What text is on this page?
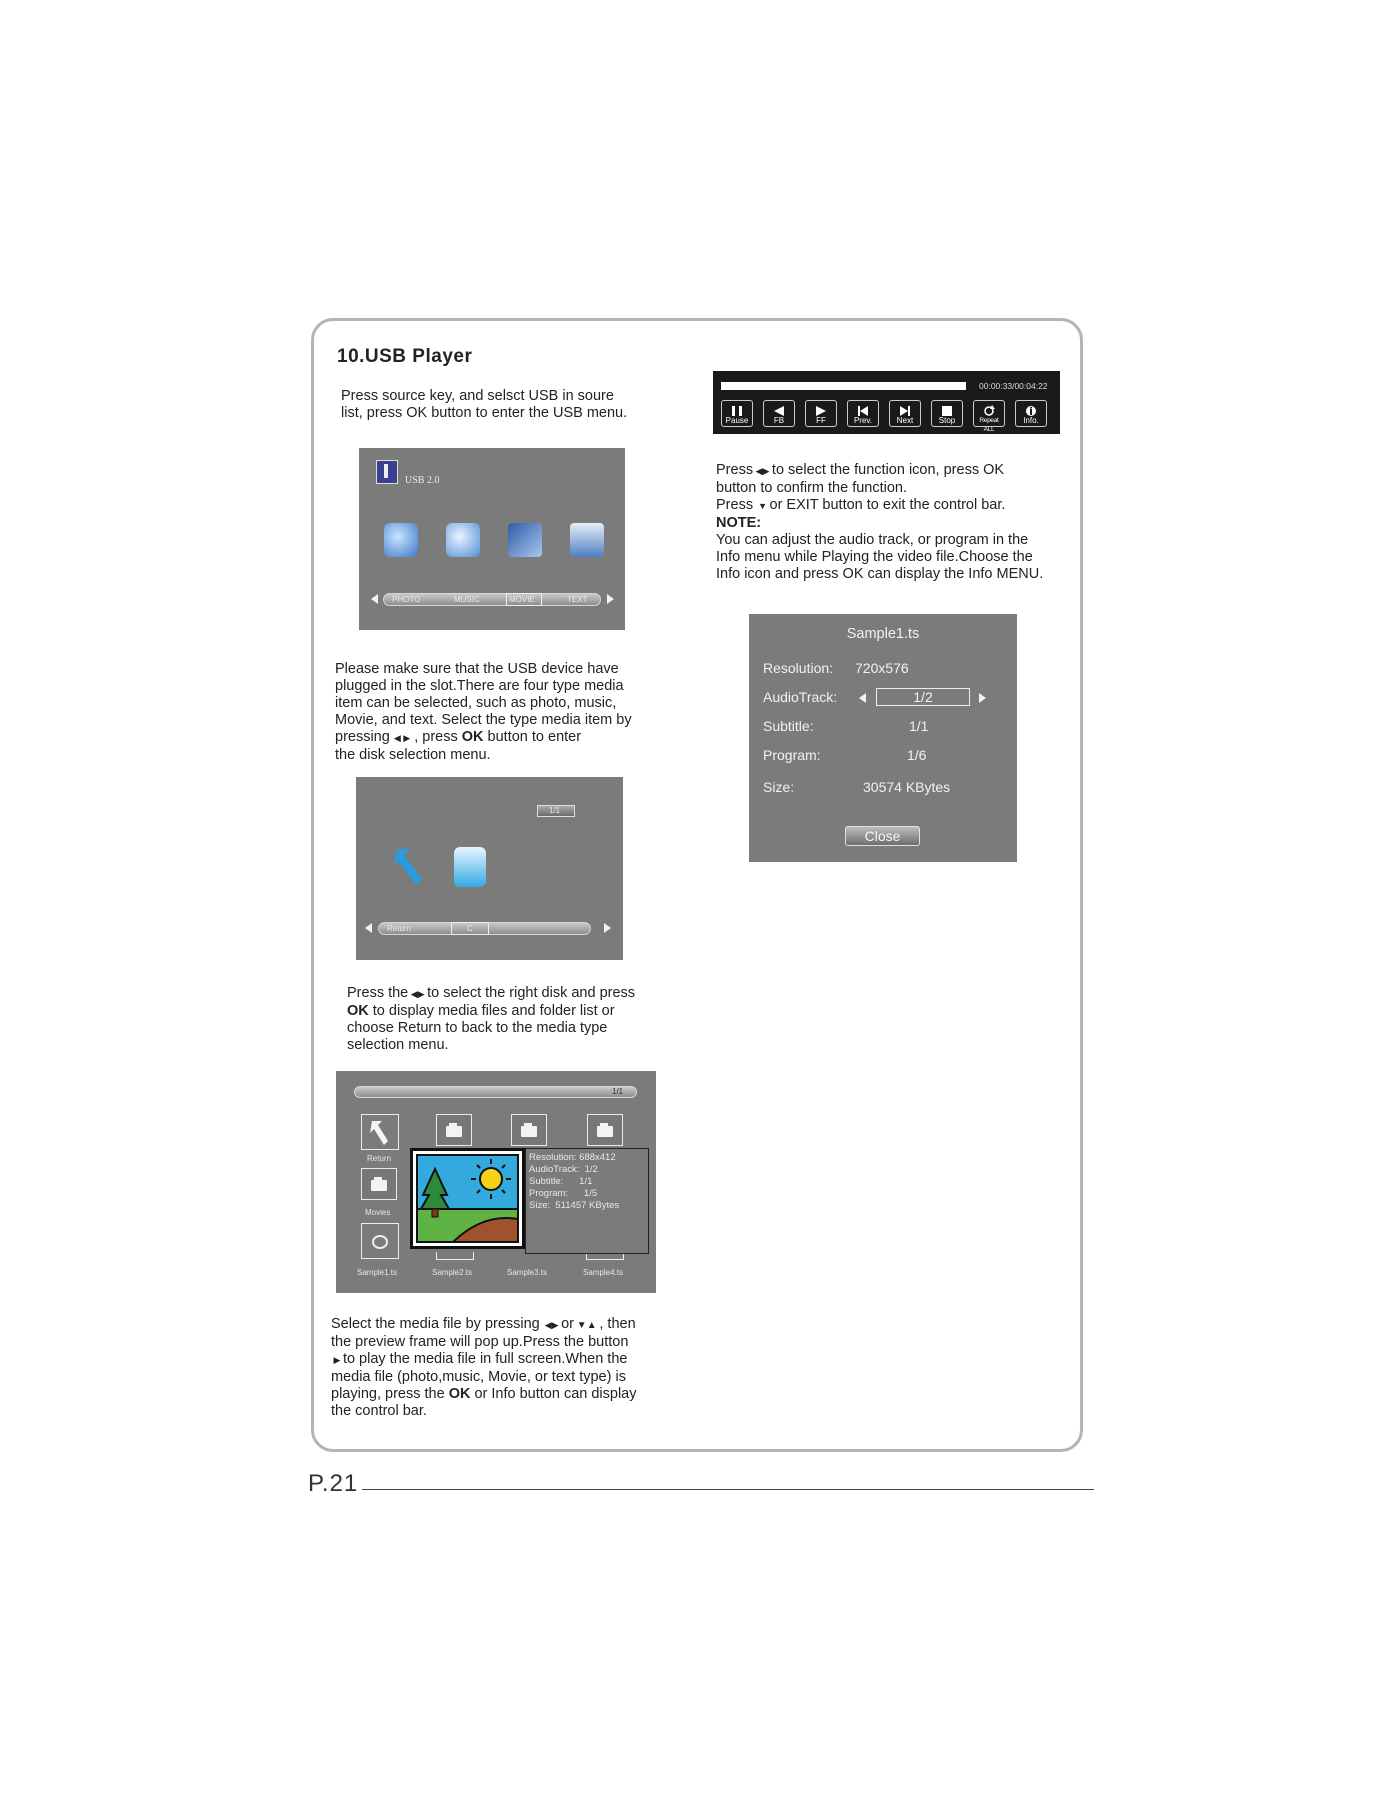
10.USB Player
Press source key, and selsct USB in soure
list, press OK button to enter the USB menu.
USB 2.0
PHOTO	MUSIC	MOVIE	TEXT
Please make sure that the USB device have
plugged in the slot.There are four type media
item can be selected, such as photo, music,
Movie, and text. Select the type media item by
pressing ◀ ▶ , press OK button to enter
the disk selection menu.
1/1
Return	C
Press the ◀▶ to select the right disk and press
OK to display media files and folder list or
choose Return to back to the media type
selection menu.
1/1
Return
Movies
Sample1.ts	Sample2.ts	Sample3.ts	Sample4.ts
Resolution: 688x412
AudioTrack:  1/2
Subtitle:      1/1
Program:      1/5
Size:  511457 KBytes
Select the media file by pressing  ◀▶ or ▼▲ , then
the preview frame will pop up.Press the button
▶ to play the media file in full screen.When the
media file (photo,music, Movie, or text type) is
playing, press the OK or Info button can display
the control bar.
00:00:33/00:04:22
Pause	FB	FF	Prev.	Next	Stop	Repeat ALL
Info.
Press ◀▶ to select the function icon, press OK
button to confirm the function.
Press  ▼ or EXIT button to exit the control bar.
NOTE:
You can adjust the audio track, or program in the
Info menu while Playing the video file.Choose the
Info icon and press OK can display the Info MENU.
Sample1.ts
Resolution: 720x576
AudioTrack:	1/2
Subtitle:	1/1
Program:	1/6
Size:	30574 KBytes
Close
P.21
